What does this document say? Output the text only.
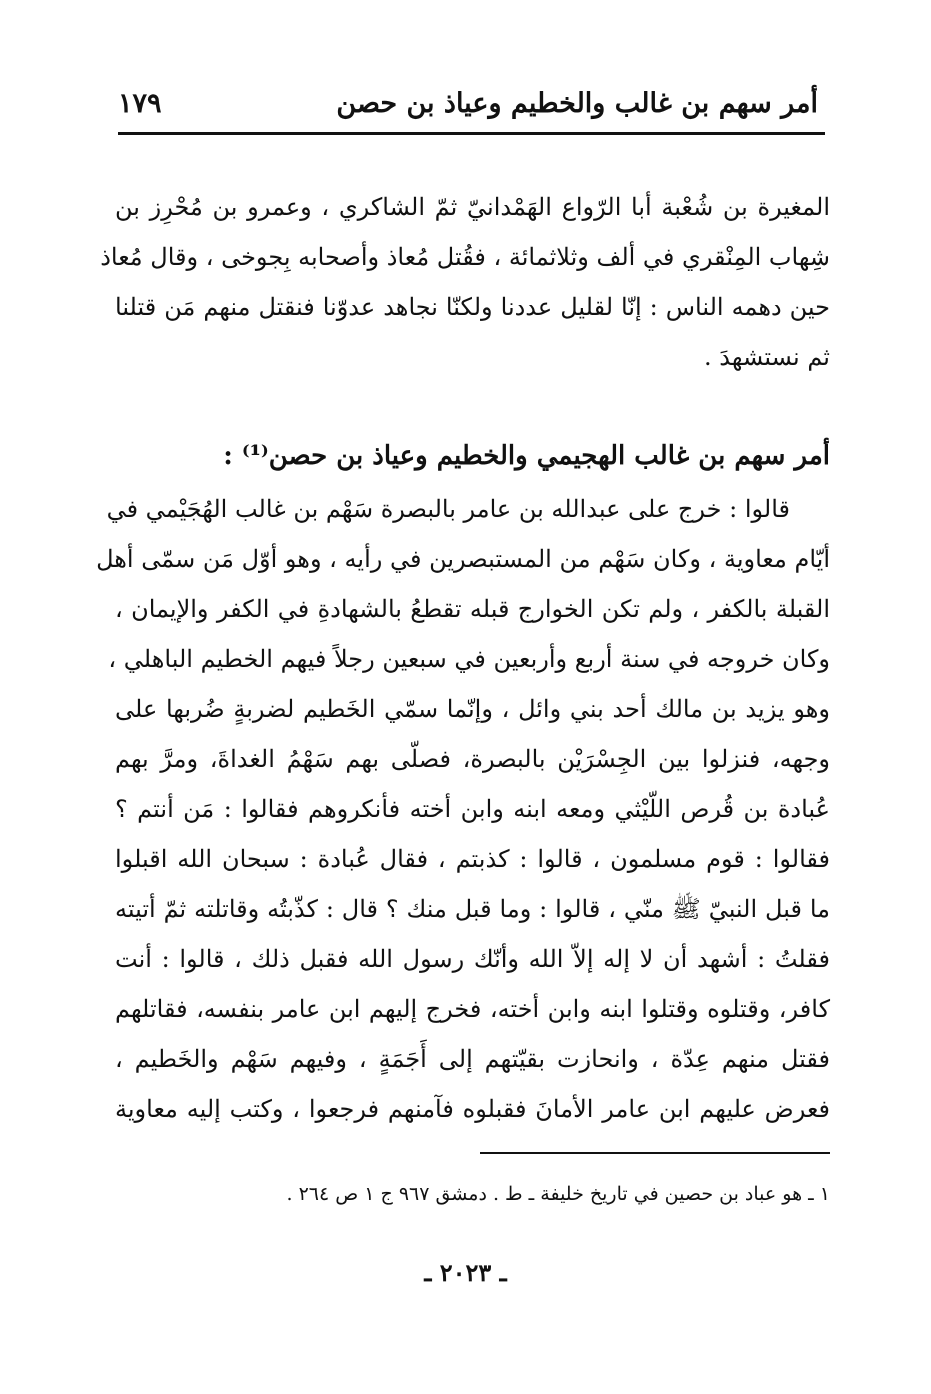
أمر سهم بن غالب والخطيم وعياذ بن حصن
١٧٩
المغيرة بن شُعْبة أبا الرّواع الهَمْدانيّ ثمّ الشاكري ، وعمرو بن مُحْرِز بن
شِهاب المِنْقري في ألف وثلاثمائة ، فقُتل مُعاذ وأصحابه بِجوخى ، وقال مُعاذ
حين دهمه الناس : إنّا لقليل عددنا ولكنّا نجاهد عدوّنا فنقتل منهم مَن قتلنا
ثم نستشهدَ .
أمر سهم بن غالب الهجيمي والخطيم وعياذ بن حصن⁽¹⁾ :
قالوا : خرج على عبدالله بن عامر بالبصرة سَهْم بن غالب الهُجَيْمي في
أيّام معاوية ، وكان سَهْم من المستبصرين في رأيه ، وهو أوّل مَن سمّى أهل
القبلة بالكفر ، ولم تكن الخوارج قبله تقطعُ بالشهادةِ في الكفر والإيمان ،
وكان خروجه في سنة أربع وأربعين في سبعين رجلاً فيهم الخطيم الباهلي ،
وهو يزيد بن مالك أحد بني وائل ، وإنّما سمّي الخَطيم لضربةٍ ضُربها على
وجهه، فنزلوا بين الجِسْرَيْن بالبصرة، فصلّى بهم سَهْمُ الغداةَ، ومرَّ بهم
عُبادة بن قُرص اللّيْثي ومعه ابنه وابن أخته فأنكروهم فقالوا : مَن أنتم ؟
فقالوا : قوم مسلمون ، قالوا : كذبتم ، فقال عُبادة : سبحان الله اقبلوا
ما قبل النبيّ ﷺ منّي ، قالوا : وما قبل منك ؟ قال : كذّبتُه وقاتلته ثمّ أتيته
فقلتُ : أشهد أن لا إله إلاّ الله وأنّك رسول الله فقبل ذلك ، قالوا : أنت
كافر، وقتلوه وقتلوا ابنه وابن أخته، فخرج إليهم ابن عامر بنفسه، فقاتلهم
فقتل منهم عِدّة ، وانحازت بقيّتهم إلى أَجَمَةٍ ، وفيهم سَهْم والخَطيم ،
فعرض عليهم ابن عامر الأمانَ فقبلوه فآمنهم فرجعوا ، وكتب إليه معاوية
١ ـ هو عباد بن حصين في تاريخ خليفة ـ ط . دمشق ٩٦٧ ج ١ ص ٢٦٤ .
ـ ٢٠٢٣ ـ
